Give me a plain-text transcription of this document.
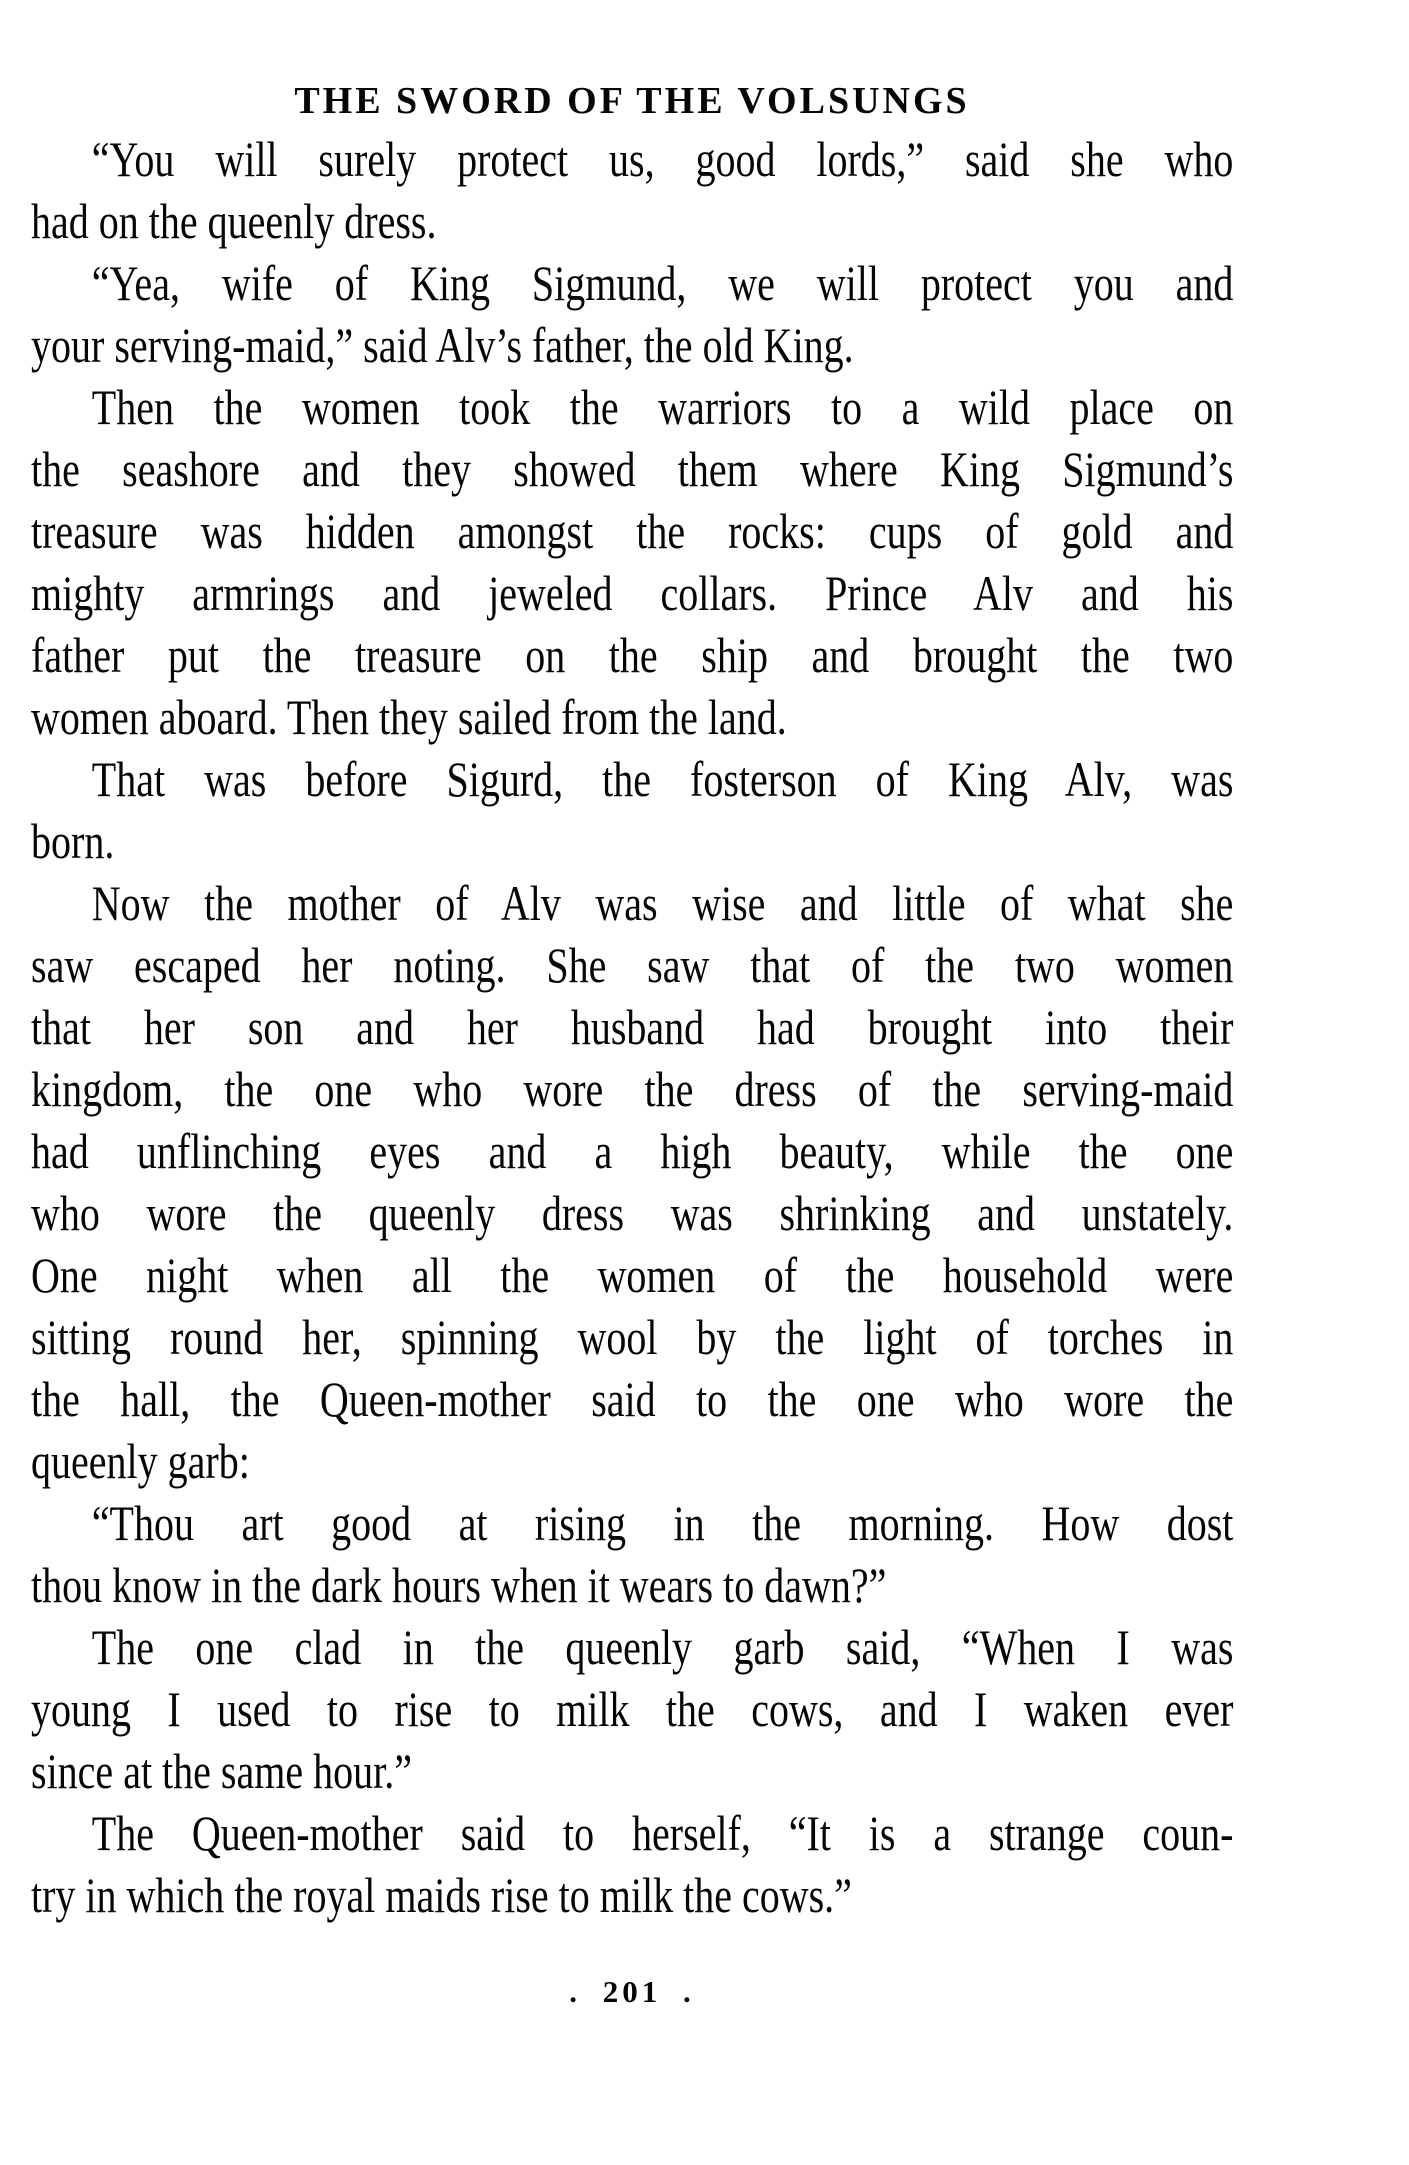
THE SWORD OF THE VOLSUNGS
“You will surely protect us, good lords,” said she who
had on the queenly dress.
“Yea, wife of King Sigmund, we will protect you and
your serving-maid,” said Alv’s father, the old King.
Then the women took the warriors to a wild place on
the seashore and they showed them where King Sigmund’s
treasure was hidden amongst the rocks: cups of gold and
mighty armrings and jeweled collars. Prince Alv and his
father put the treasure on the ship and brought the two
women aboard. Then they sailed from the land.
That was before Sigurd, the fosterson of King Alv, was
born.
Now the mother of Alv was wise and little of what she
saw escaped her noting. She saw that of the two women
that her son and her husband had brought into their
kingdom, the one who wore the dress of the serving-maid
had unflinching eyes and a high beauty, while the one
who wore the queenly dress was shrinking and unstately.
One night when all the women of the household were
sitting round her, spinning wool by the light of torches in
the hall, the Queen-mother said to the one who wore the
queenly garb:
“Thou art good at rising in the morning. How dost
thou know in the dark hours when it wears to dawn?”
The one clad in the queenly garb said, “When I was
young I used to rise to milk the cows, and I waken ever
since at the same hour.”
The Queen-mother said to herself, “It is a strange coun-
try in which the royal maids rise to milk the cows.”
. 201 .
